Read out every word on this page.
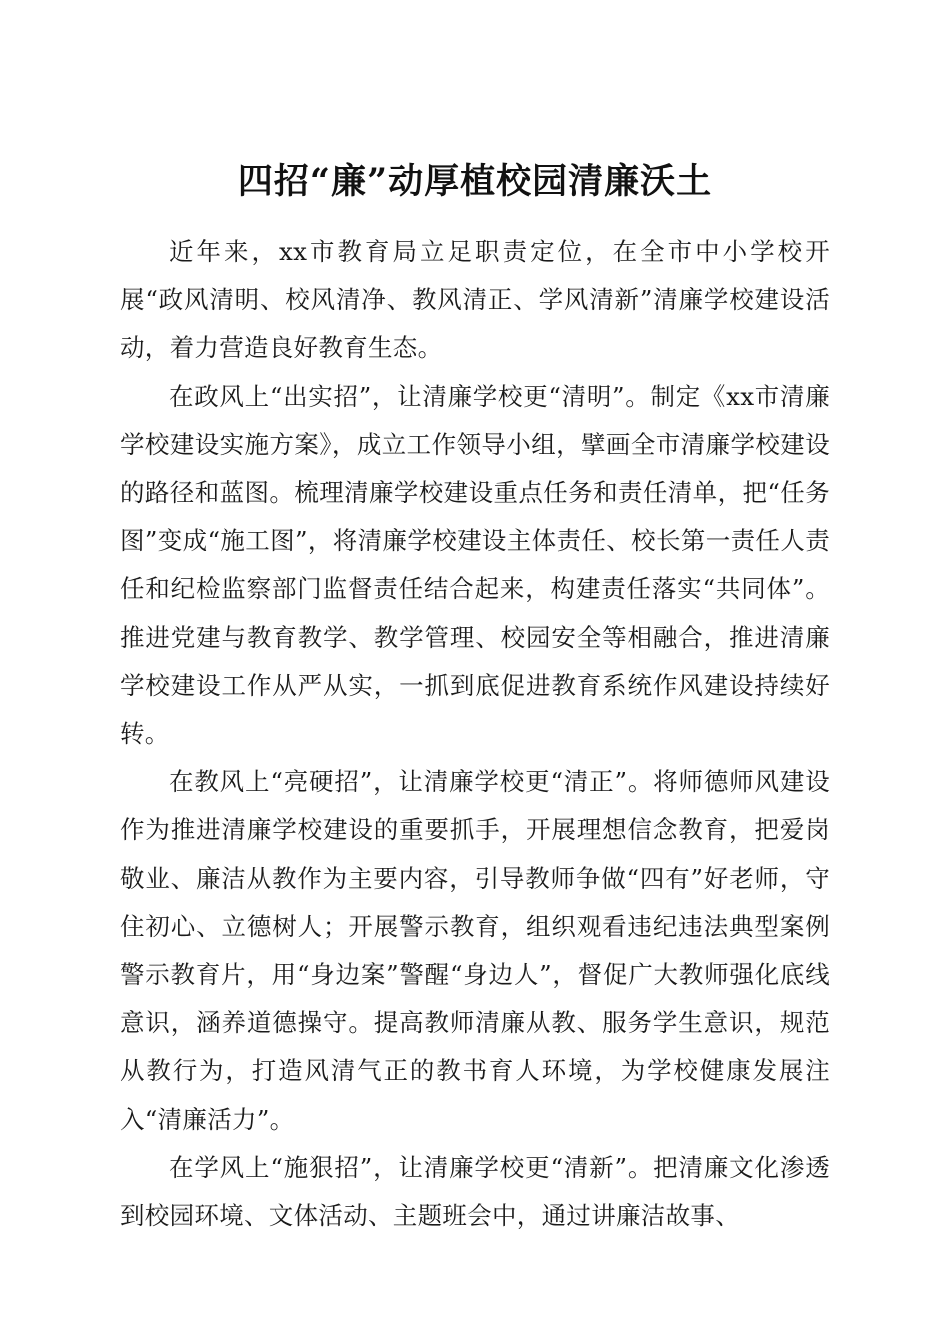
四招“廉”动厚植校园清廉沃土

近年来，xx市教育局立足职责定位，在全市中小学校开展“政风清明、校风清净、教风清正、学风清新”清廉学校建设活动，着力营造良好教育生态。

在政风上“出实招”，让清廉学校更“清明”。制定《xx市清廉学校建设实施方案》，成立工作领导小组，擘画全市清廉学校建设的路径和蓝图。梳理清廉学校建设重点任务和责任清单，把“任务图”变成“施工图”，将清廉学校建设主体责任、校长第一责任人责任和纪检监察部门监督责任结合起来，构建责任落实“共同体”。推进党建与教育教学、教学管理、校园安全等相融合，推进清廉学校建设工作从严从实，一抓到底促进教育系统作风建设持续好转。

在教风上“亮硬招”，让清廉学校更“清正”。将师德师风建设作为推进清廉学校建设的重要抓手，开展理想信念教育，把爱岗敬业、廉洁从教作为主要内容，引导教师争做“四有”好老师，守住初心、立德树人；开展警示教育，组织观看违纪违法典型案例警示教育片，用“身边案”警醒“身边人”，督促广大教师强化底线意识，涵养道德操守。提高教师清廉从教、服务学生意识，规范从教行为，打造风清气正的教书育人环境，为学校健康发展注入“清廉活力”。

在学风上“施狠招”，让清廉学校更“清新”。把清廉文化渗透到校园环境、文体活动、主题班会中，通过讲廉洁故事、
